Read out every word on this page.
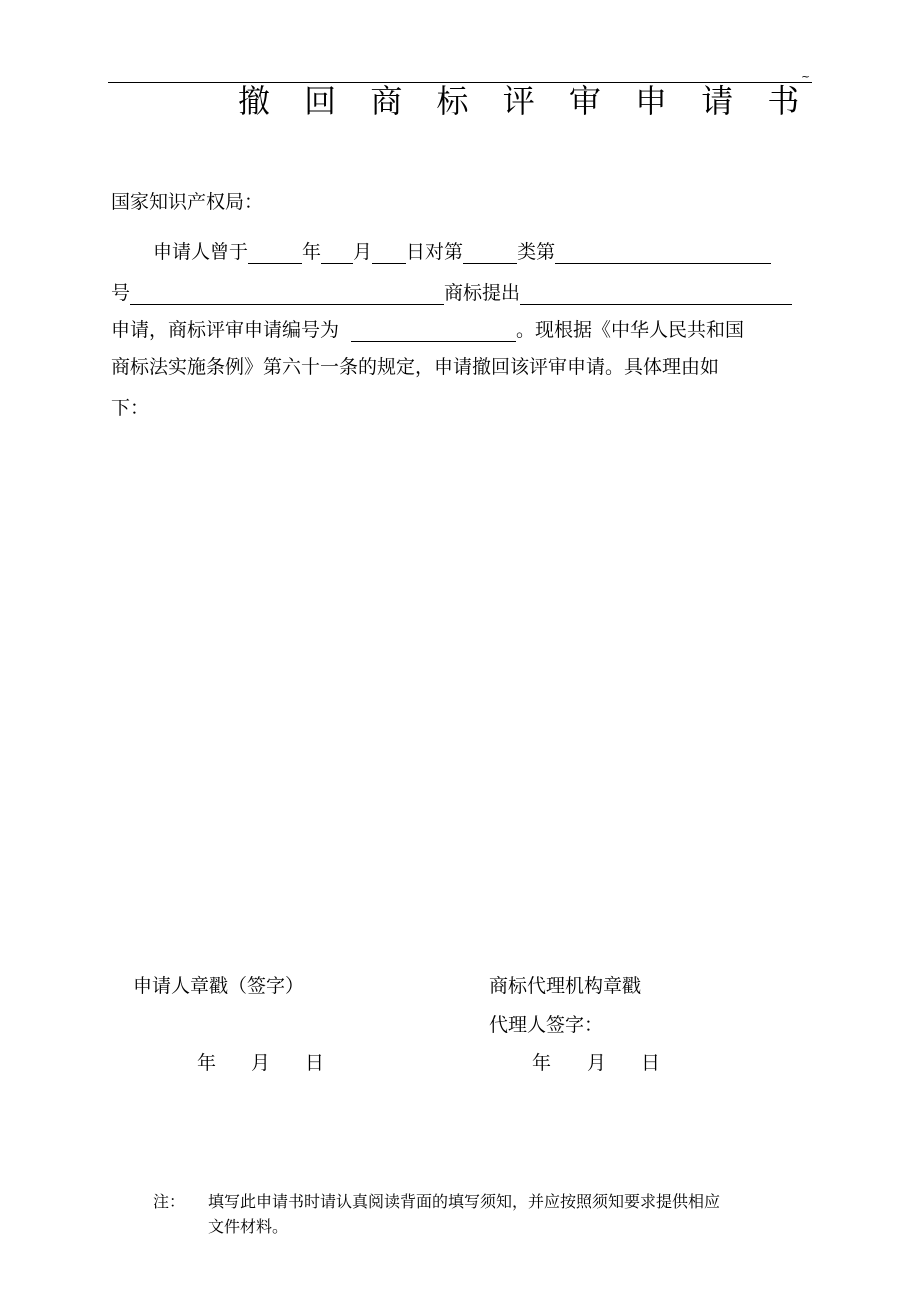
~
撤 回 商 标 评 审 申 请 书
国家知识产权局：
申请人曾于	年 月 日对第	类第
号	商标提出
申请，商标评审申请编号为	。现根据《中华人民共和国
商标法实施条例》第六十一条的规定，申请撤回该评审申请。具体理由如
下：
申请人章戳（签字）	商标代理机构章戳
代理人签字：
年 月 日	年 月 日
注： 填写此申请书时请认真阅读背面的填写须知，并应按照须知要求提供相应
文件材料。
